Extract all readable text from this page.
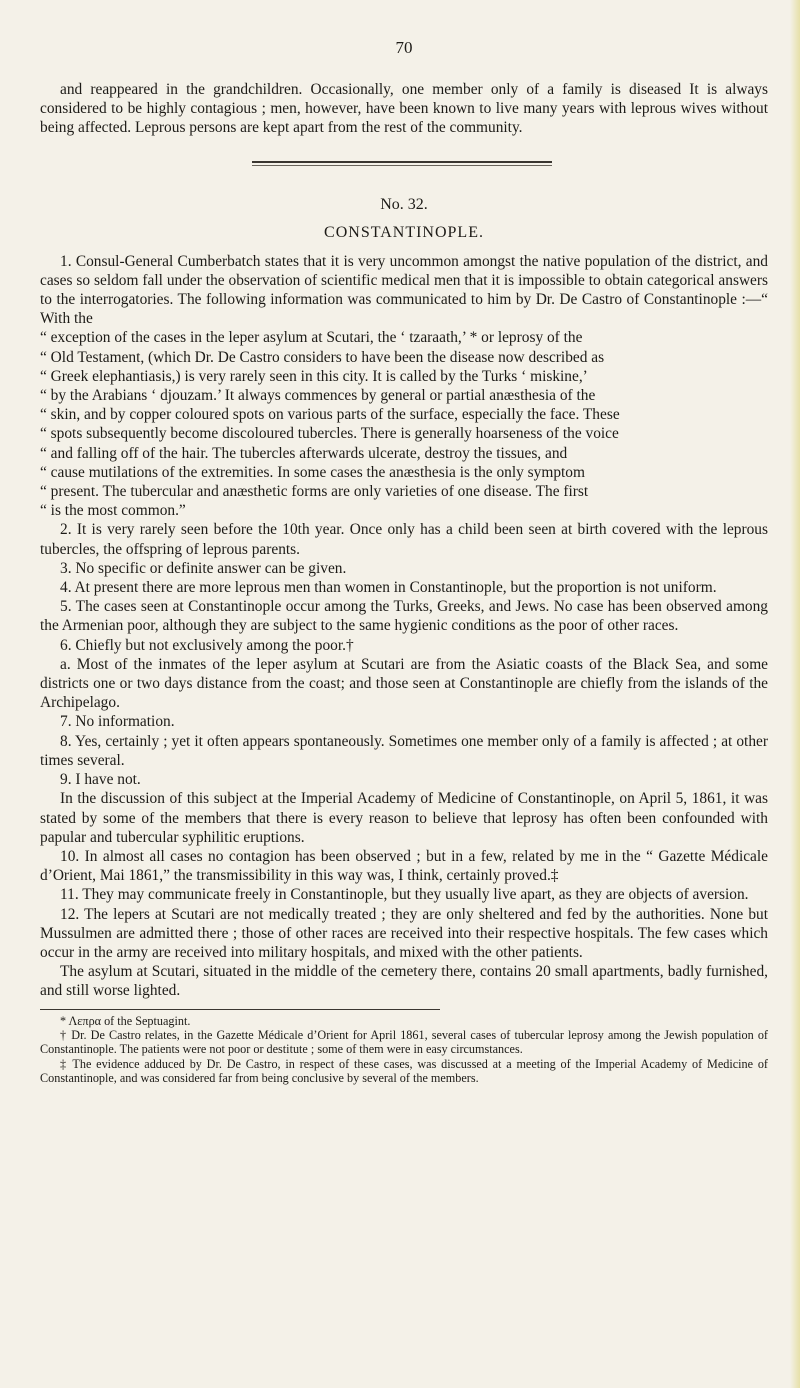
70

and reappeared in the grandchildren. Occasionally, one member only of a family is diseased It is always considered to be highly contagious ; men, however, have been known to live many years with leprous wives without being affected. Leprous persons are kept apart from the rest of the community.

No. 32.
CONSTANTINOPLE.

1. Consul-General Cumberbatch states that it is very uncommon amongst the native population of the district, and cases so seldom fall under the observation of scientific medical men that it is impossible to obtain categorical answers to the interrogatories. The following information was communicated to him by Dr. De Castro of Constantinople :—“ With the

“ exception of the cases in the leper asylum at Scutari, the ‘ tzaraath,’ * or leprosy of the

“ Old Testament, (which Dr. De Castro considers to have been the disease now described as

“ Greek elephantiasis,) is very rarely seen in this city. It is called by the Turks ‘ miskine,’

“ by the Arabians ‘ djouzam.’ It always commences by general or partial anæsthesia of the

“ skin, and by copper coloured spots on various parts of the surface, especially the face. These

“ spots subsequently become discoloured tubercles. There is generally hoarseness of the voice

“ and falling off of the hair. The tubercles afterwards ulcerate, destroy the tissues, and

“ cause mutilations of the extremities. In some cases the anæsthesia is the only symptom

“ present. The tubercular and anæsthetic forms are only varieties of one disease. The first

“ is the most common.”

2. It is very rarely seen before the 10th year. Once only has a child been seen at birth covered with the leprous tubercles, the offspring of leprous parents.

3. No specific or definite answer can be given.

4. At present there are more leprous men than women in Constantinople, but the proportion is not uniform.

5. The cases seen at Constantinople occur among the Turks, Greeks, and Jews. No case has been observed among the Armenian poor, although they are subject to the same hygienic conditions as the poor of other races.

6. Chiefly but not exclusively among the poor.†

a. Most of the inmates of the leper asylum at Scutari are from the Asiatic coasts of the Black Sea, and some districts one or two days distance from the coast; and those seen at Constantinople are chiefly from the islands of the Archipelago.

7. No information.

8. Yes, certainly ; yet it often appears spontaneously. Sometimes one member only of a family is affected ; at other times several.

9. I have not.

In the discussion of this subject at the Imperial Academy of Medicine of Constantinople, on April 5, 1861, it was stated by some of the members that there is every reason to believe that leprosy has often been confounded with papular and tubercular syphilitic eruptions.

10. In almost all cases no contagion has been observed ; but in a few, related by me in the “ Gazette Médicale d’Orient, Mai 1861,” the transmissibility in this way was, I think, certainly proved.‡

11. They may communicate freely in Constantinople, but they usually live apart, as they are objects of aversion.

12. The lepers at Scutari are not medically treated ; they are only sheltered and fed by the authorities. None but Mussulmen are admitted there ; those of other races are received into their respective hospitals. The few cases which occur in the army are received into military hospitals, and mixed with the other patients.

The asylum at Scutari, situated in the middle of the cemetery there, contains 20 small apartments, badly furnished, and still worse lighted.

* Λεπρα of the Septuagint.

† Dr. De Castro relates, in the Gazette Médicale d’Orient for April 1861, several cases of tubercular leprosy among the Jewish population of Constantinople. The patients were not poor or destitute ; some of them were in easy circumstances.

‡ The evidence adduced by Dr. De Castro, in respect of these cases, was discussed at a meeting of the Imperial Academy of Medicine of Constantinople, and was considered far from being conclusive by several of the members.
